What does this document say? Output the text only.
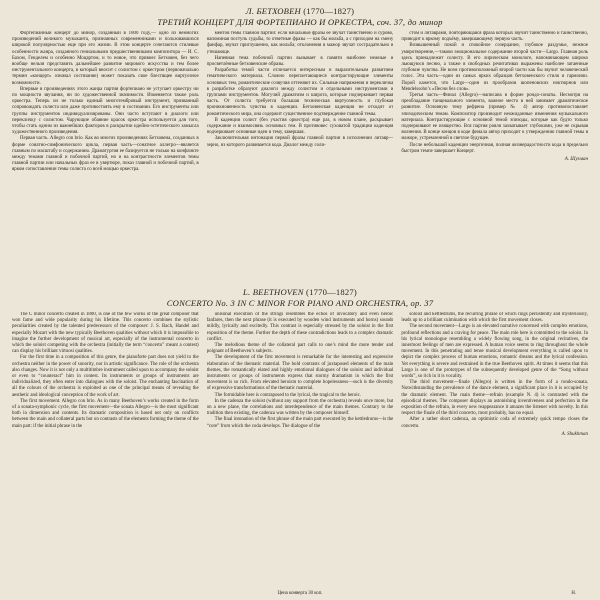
Л. БЕТХОВЕН (1770—1827)
ТРЕТИЙ КОНЦЕРТ ДЛЯ ФОРТЕПИАНО И ОРКЕСТРА, соч. 37, до минор

Фортепианный концерт до минор, созданный в 1800 году,— одно из немногих произведений великого музыканта, признанных современниками и пользовавшихся широкой популярностью еще при его жизни. В этом концерте сочетаются стилевые особенности жанра, созданного гениальными предшественниками композитора — И. С. Бахом, Генделем и особенно Моцартом, и то новое, что привнес Бетховен, без чего вообще нельзя представить дальнейшее развитие мирового искусства и тем более инструментального концерта, в который вносит с солистом с оркестром (первоначально термин «концерт» означал состязание) может показать свое блестящее виртуозное возможности.

Впервые в произведениях этого жанра партия фортепиано не уступает оркестру ни по мощности звучания, ни по художественной значимости. Изменяется также роль оркестра. Теперь он не только единый многотембровый инструмент, призванный сопровождать солиста или даже противостоять ему в состязании. Его инструменты или группы инструментов индивидуализированы. Они часто вступают в диалоги или перекличку с солистом. Чарующие обаяние красок оркестра используется для того, чтобы стать одним из важнейших факторов в раскрытии идейно-эстетического замысла художественного произведения.

Первая часть. Allegro con brio. Как во многих произведениях Бетховена, созданных в форме сонатно-симфонического цикла, первая часть—сонатное аллегро—является главным по масштабу и содержанию. Драматургия ее базируется не только на конфликте между темами главной и побочной партий, но и на контрастности элементов темы главной партии или начальных фраз ее в увертюре, показ главной и побочной партий, в ярком сопоставлении темы солиста со всей мощью оркестра.

ментов темы главной партии: если начальные фразы ее звучат таинственно и сурово, напоминая поступь судьбы, то ответные фразы — как бы мольба, а с приходом на смену фанфар, звучат приглушенно, как мольба; отклонения в мажор звучат сострадательно и утешающе.

Напевная тема побочной партии вызывает в памяти наиболее нежные и просветлённые бетховенские образы.

Разработка темой части отличается интересным и выразительным развитием тематического материала. Сложно переплетающиеся контрастирующие элементы основных тем, романтические созвучия оттеняют их. Сильные напряжения и перекличка в разработке образуют диалоги между солистом и отдельными инструментами и группами инструментов. Могучий драматизм и широта, которые подчеркивает первая часть. От солиста требуется большая техническая виртуозность и глубокая проникновенность чувства в каденции. Бетховенская каденция не отходит от романтического мира, она содержит существенное подтверждение главной темы.

В каденции солист (без участия оркестра) еще раз, в новом плане, раскрывает содержание и взаимосвязь основных тем. В противовес суховатой традиции каденция подчеркивает основные идеи и тему, завершая.

Заключительная интонация первой фразы главной партии в исполнении литавр—зерно, из которого развивается кода. Диалог между соли-

стом и литаврами, повторяющаяся фраза которых звучит таинственно и таинственно, приводит к яркому подъёму, завершающему первую часть.

Возвышенный покой и спокойное созерцание, глубокое раздумье, нежное умиротворение,—таково эмоциональное содержание второй части—Largo. Главная роль здесь принадлежит солисту. В его лирическом монологе, напоминающем широко льющуюся песню, а также в свободных речитативах выражены наиболее затаенные глубокие чувства. Не всем противоположный второй части как бы звучит человеческий голос. Эта часть—один из самых ярких образцов бетховенского стиля и гармонии. Порой кажется, что Largo—один из прообразов шопеновских ноктюрнов или Mendelssohn’s «Песни без слов».

Третья часть—Финал (Allegro)—написана в форме рондо-сонаты. Несмотря на преобладание танцевального элемента, важное место в ней занимает драматическое развитие. Основную тему рефрена (пример № 4) автор противопоставляет эпизодическим темам. Композитор производит неожиданные изменения музыкального материала. Контрастирующие с основной темой эпизоды, которые как будто только подчеркивают ее изящество. Вся партия рояля захватывает глубокими, уже не скрывая волнения. В конце концов в коде финала автор приходит к утверждению главной темы в мажоре, устремленной в светлое будущее.

После небольшой каденции энергичная, полная жизнерадостности кода в предельно быстром темпе завершает Концерт.

А. Шухман
L. BEETHOVEN (1770—1827)
CONCERTO No. 3 IN C MINOR FOR PIANO AND ORCHESTRA, op. 37

The C minor concerto created in 1800, is one of the few works of the great composer that won fame and wide popularity during his lifetime. This concerto combines the stylistic peculiarities created by the talented predecessors of the composer: J. S. Bach, Handel and especially Mozart with the new typically Beethoven qualities without which it is impossible to imagine the further development of musical art, especially of the instrumental concerto in which the soloist competing with the orchestra (initially the term “concerto” meant a contest) can display his brilliant virtuosi qualities.

For the first time in a composition of this genre, the pianoforte part does not yield to the orchestra neither in the power of sonority, nor in artistic significance. The role of the orchestra also changes. Now it is not only a multitimbre instrument called upon to accompany the soloist or even to “counteract” him in contest. Its instruments or groups of instruments are individualized, they often enter into dialogues with the soloist. The enchanting fascination of all the colours of the orchestra is exploited as one of the principal means of revealing the aesthetic and ideological conception of the work of art.

The first movement. Allegro con brio. As in many Beethoven’s works created in the form of a sonata-symphonic cycle, the first movement—the sonata Allegro—is the most significant both in dimension and contents. Its dramatic composition is based not only on conflicts between the main and collateral parts but on contrasts of the elements forming the theme of the main part: if the initial phrase in the

unisonal execution of the strings resembles the echos of invocatory and even heroic fanfares, then the next phrase (it is executed by wooden wind instruments and horns) sounds mildly, lyrically and excitedly. This contrast is especially stressed by the soloist in the first exposition of the theme. Further the depth of these contradictions leads to a complex dramatic conflict.

The melodious theme of the collateral part calls to one’s mind the more tender and poignant of Beethoven’s subjects.

The development of the first movement is remarkable for the interesting and expressive elaboration of the thematic material. The bold contrasts of juxtaposed elements of the main themes, the romantically elated and highly emotional dialogues of the soloist and individual instruments or groups of instruments express that stormy dramatism in which the first movement is so rich. From elevated heroism to complete hopelessness—such is the diversity of expressive transformations of the thematic material.

The formidable here is contraposed to the lyrical, the tragical to the heroic.

In the cadenza the soloist (without any support from the orchestra) reveals once more, but on a new plane, the correlations and interdependence of the main themes. Contrary to the tradition then existing, the cadenza was written by the composer himself.

The final intonation of the first phrase of the main part executed by the kettledrums—is the “core” from which the coda develops. The dialogue of the

soloist and kettledrums, the recurring phrase of which rings persistently and mysteriously, leads up to a brilliant culmination with which the first movement closes.

The second movement—Largo is an elevated narrative concerned with complex emotions, profound reflections and a craving for peace. The main role here is committed to the soloist. In his lyrical monologue resembling a widely flowing song, in the original recitatives, the innermost feelings of men are expressed. A human voice seems to ring throughout the whole movement. In this penetrating and tense musical development everything is called upon to depict the complex process of human emotions, romantic dreams and the lyrical confession. Yet everything is severe and restrained in the true Beethoven spirit. At times it seems that this Largo is one of the prototypes of the subsequently developed genre of the “Song without words”, so rich in it is vocality.

The third movement—finale (Allegro) is written in the form of a rondo-sonata. Notwithstanding the prevalence of the dance element, a significant place in it is occupied by the dramatic element. The main theme—refrain (example N. 4) is contrasted with the episodical themes. The composer displays an astonishing inventiveness and perfection in the exposition of the refrain, in every new reappearance it amazes the listener with novelty. In this respect the finale of the third concerto, most probably, has no equal.

After a rather short cadenza, an optimistic coda of extremely quick tempo closes the concerto.

A. Shukhman
Цена конверта 30 коп.	Н.
